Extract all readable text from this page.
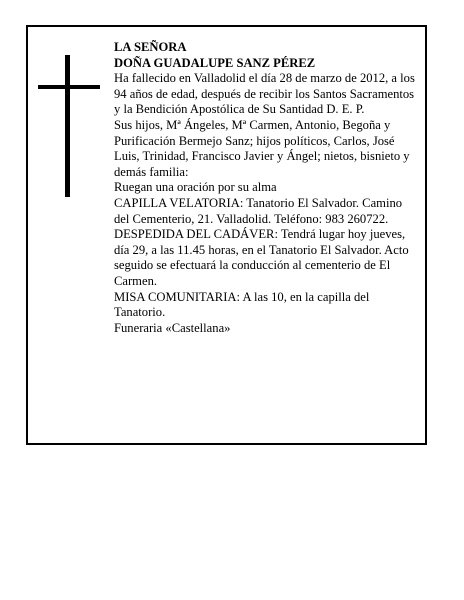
LA SEÑORA

DOÑA GUADALUPE SANZ PÉREZ

Ha fallecido en Valladolid el día 28 de marzo de 2012, a los 94 años de edad, después de recibir los Santos Sacramentos y la Bendición Apostólica de Su Santidad D. E. P.

Sus hijos, Mª Ángeles, Mª Carmen, Antonio, Begoña y Purificación Bermejo Sanz; hijos políticos, Carlos, José Luis, Trinidad, Francisco Javier y Ángel; nietos, bisnieto y demás familia:

Ruegan una oración por su alma

CAPILLA VELATORIA: Tanatorio El Salvador. Camino del Cementerio, 21. Valladolid. Teléfono: 983 260722.

DESPEDIDA DEL CADÁVER: Tendrá lugar hoy jueves, día 29, a las 11.45 horas, en el Tanatorio El Salvador. Acto seguido se efectuará la conducción al cementerio de El Carmen.

MISA COMUNITARIA: A las 10, en la capilla del Tanatorio.

Funeraria «Castellana»
